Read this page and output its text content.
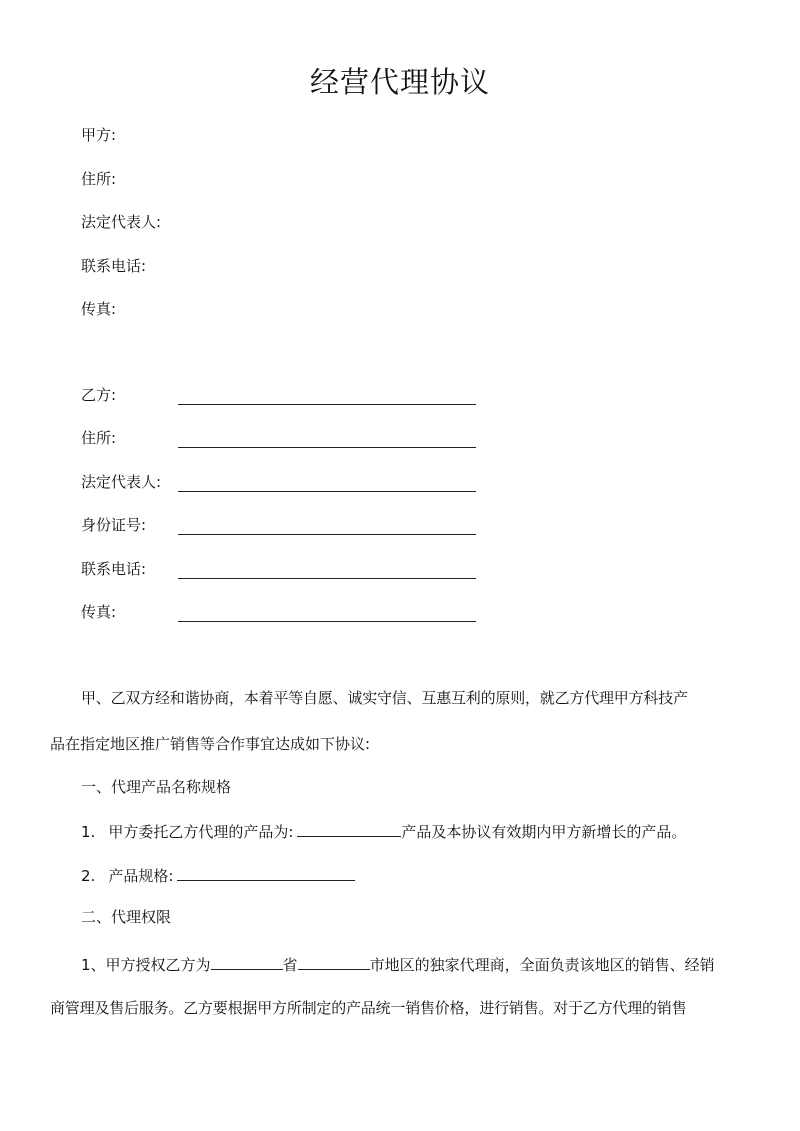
经营代理协议
甲方:
住所:
法定代表人:
联系电话:
传真:
乙方:
住所:
法定代表人:
身份证号:
联系电话:
传真:
甲、乙双方经和谐协商，本着平等自愿、诚实守信、互惠互利的原则，就乙方代理甲方科技产
品在指定地区推广销售等合作事宜达成如下协议:
一、代理产品名称规格
1. 甲方委托乙方代理的产品为:	产品及本协议有效期内甲方新增长的产品。
2. 产品规格:
二、代理权限
1、甲方授权乙方为	省	市地区的独家代理商，全面负责该地区的销售、经销
商管理及售后服务。乙方要根据甲方所制定的产品统一销售价格，进行销售。对于乙方代理的销售
